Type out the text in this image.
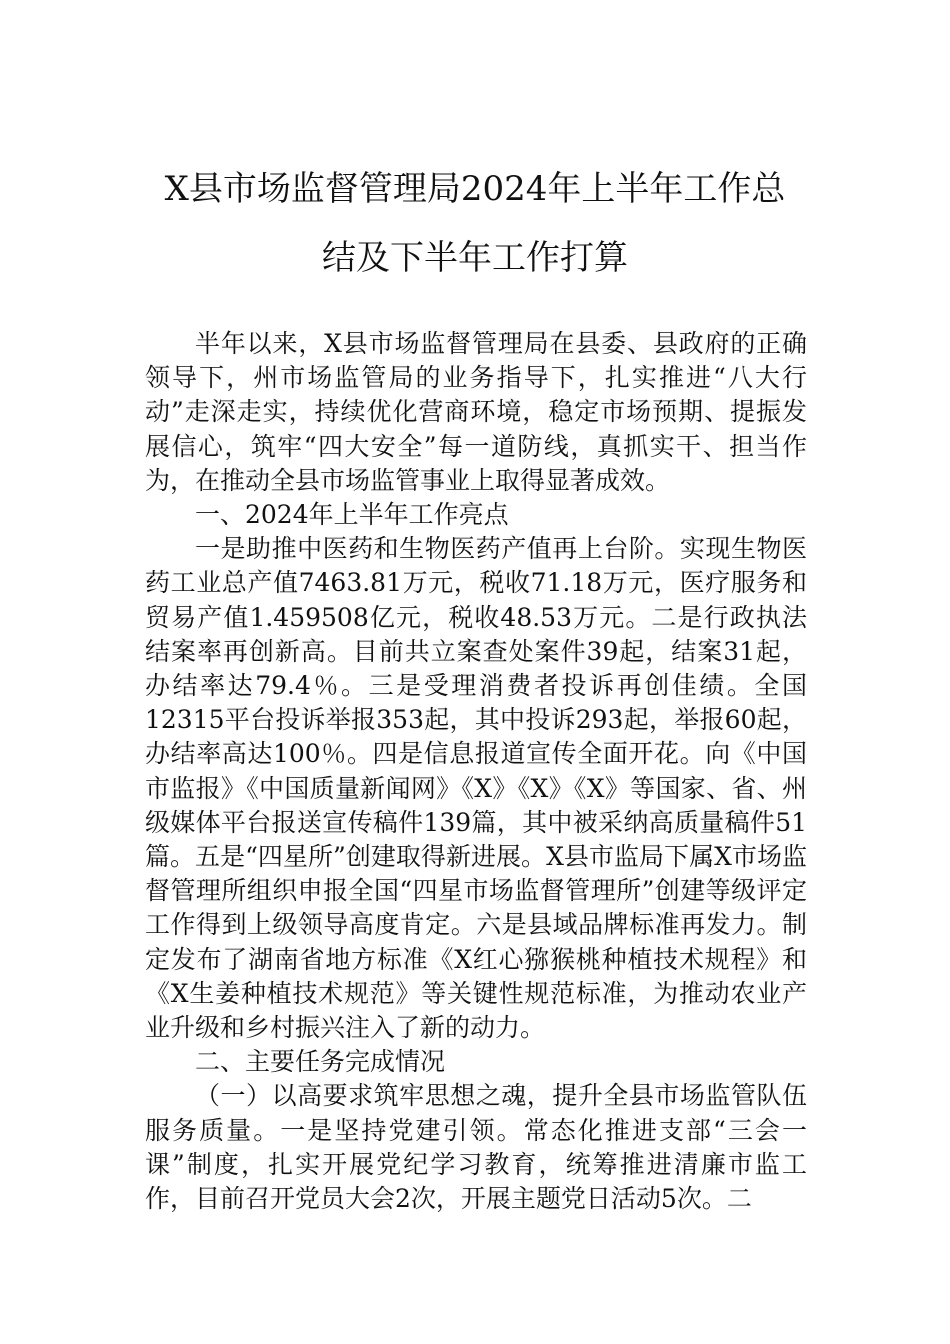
X县市场监督管理局2024年上半年工作总
结及下半年工作打算

半年以来，X县市场监督管理局在县委、县政府的正确领导下，州市场监管局的业务指导下，扎实推进“八大行动”走深走实，持续优化营商环境，稳定市场预期、提振发展信心，筑牢“四大安全”每一道防线，真抓实干、担当作为，在推动全县市场监管事业上取得显著成效。

一、2024年上半年工作亮点

一是助推中医药和生物医药产值再上台阶。实现生物医药工业总产值7463.81万元，税收71.18万元，医疗服务和贸易产值1.459508亿元，税收48.53万元。二是行政执法结案率再创新高。目前共立案查处案件39起，结案31起，办结率达79.4％。三是受理消费者投诉再创佳绩。全国12315平台投诉举报353起，其中投诉293起，举报60起，办结率高达100％。四是信息报道宣传全面开花。向《中国市监报》《中国质量新闻网》《X》《X》《X》等国家、省、州级媒体平台报送宣传稿件139篇，其中被采纳高质量稿件51篇。五是“四星所”创建取得新进展。X县市监局下属X市场监督管理所组织申报全国“四星市场监督管理所”创建等级评定工作得到上级领导高度肯定。六是县域品牌标准再发力。制定发布了湖南省地方标准《X红心猕猴桃种植技术规程》和《X生姜种植技术规范》等关键性规范标准，为推动农业产业升级和乡村振兴注入了新的动力。

二、主要任务完成情况

（一）以高要求筑牢思想之魂，提升全县市场监管队伍服务质量。一是坚持党建引领。常态化推进支部“三会一课”制度，扎实开展党纪学习教育，统筹推进清廉市监工作，目前召开党员大会2次，开展主题党日活动5次。二
